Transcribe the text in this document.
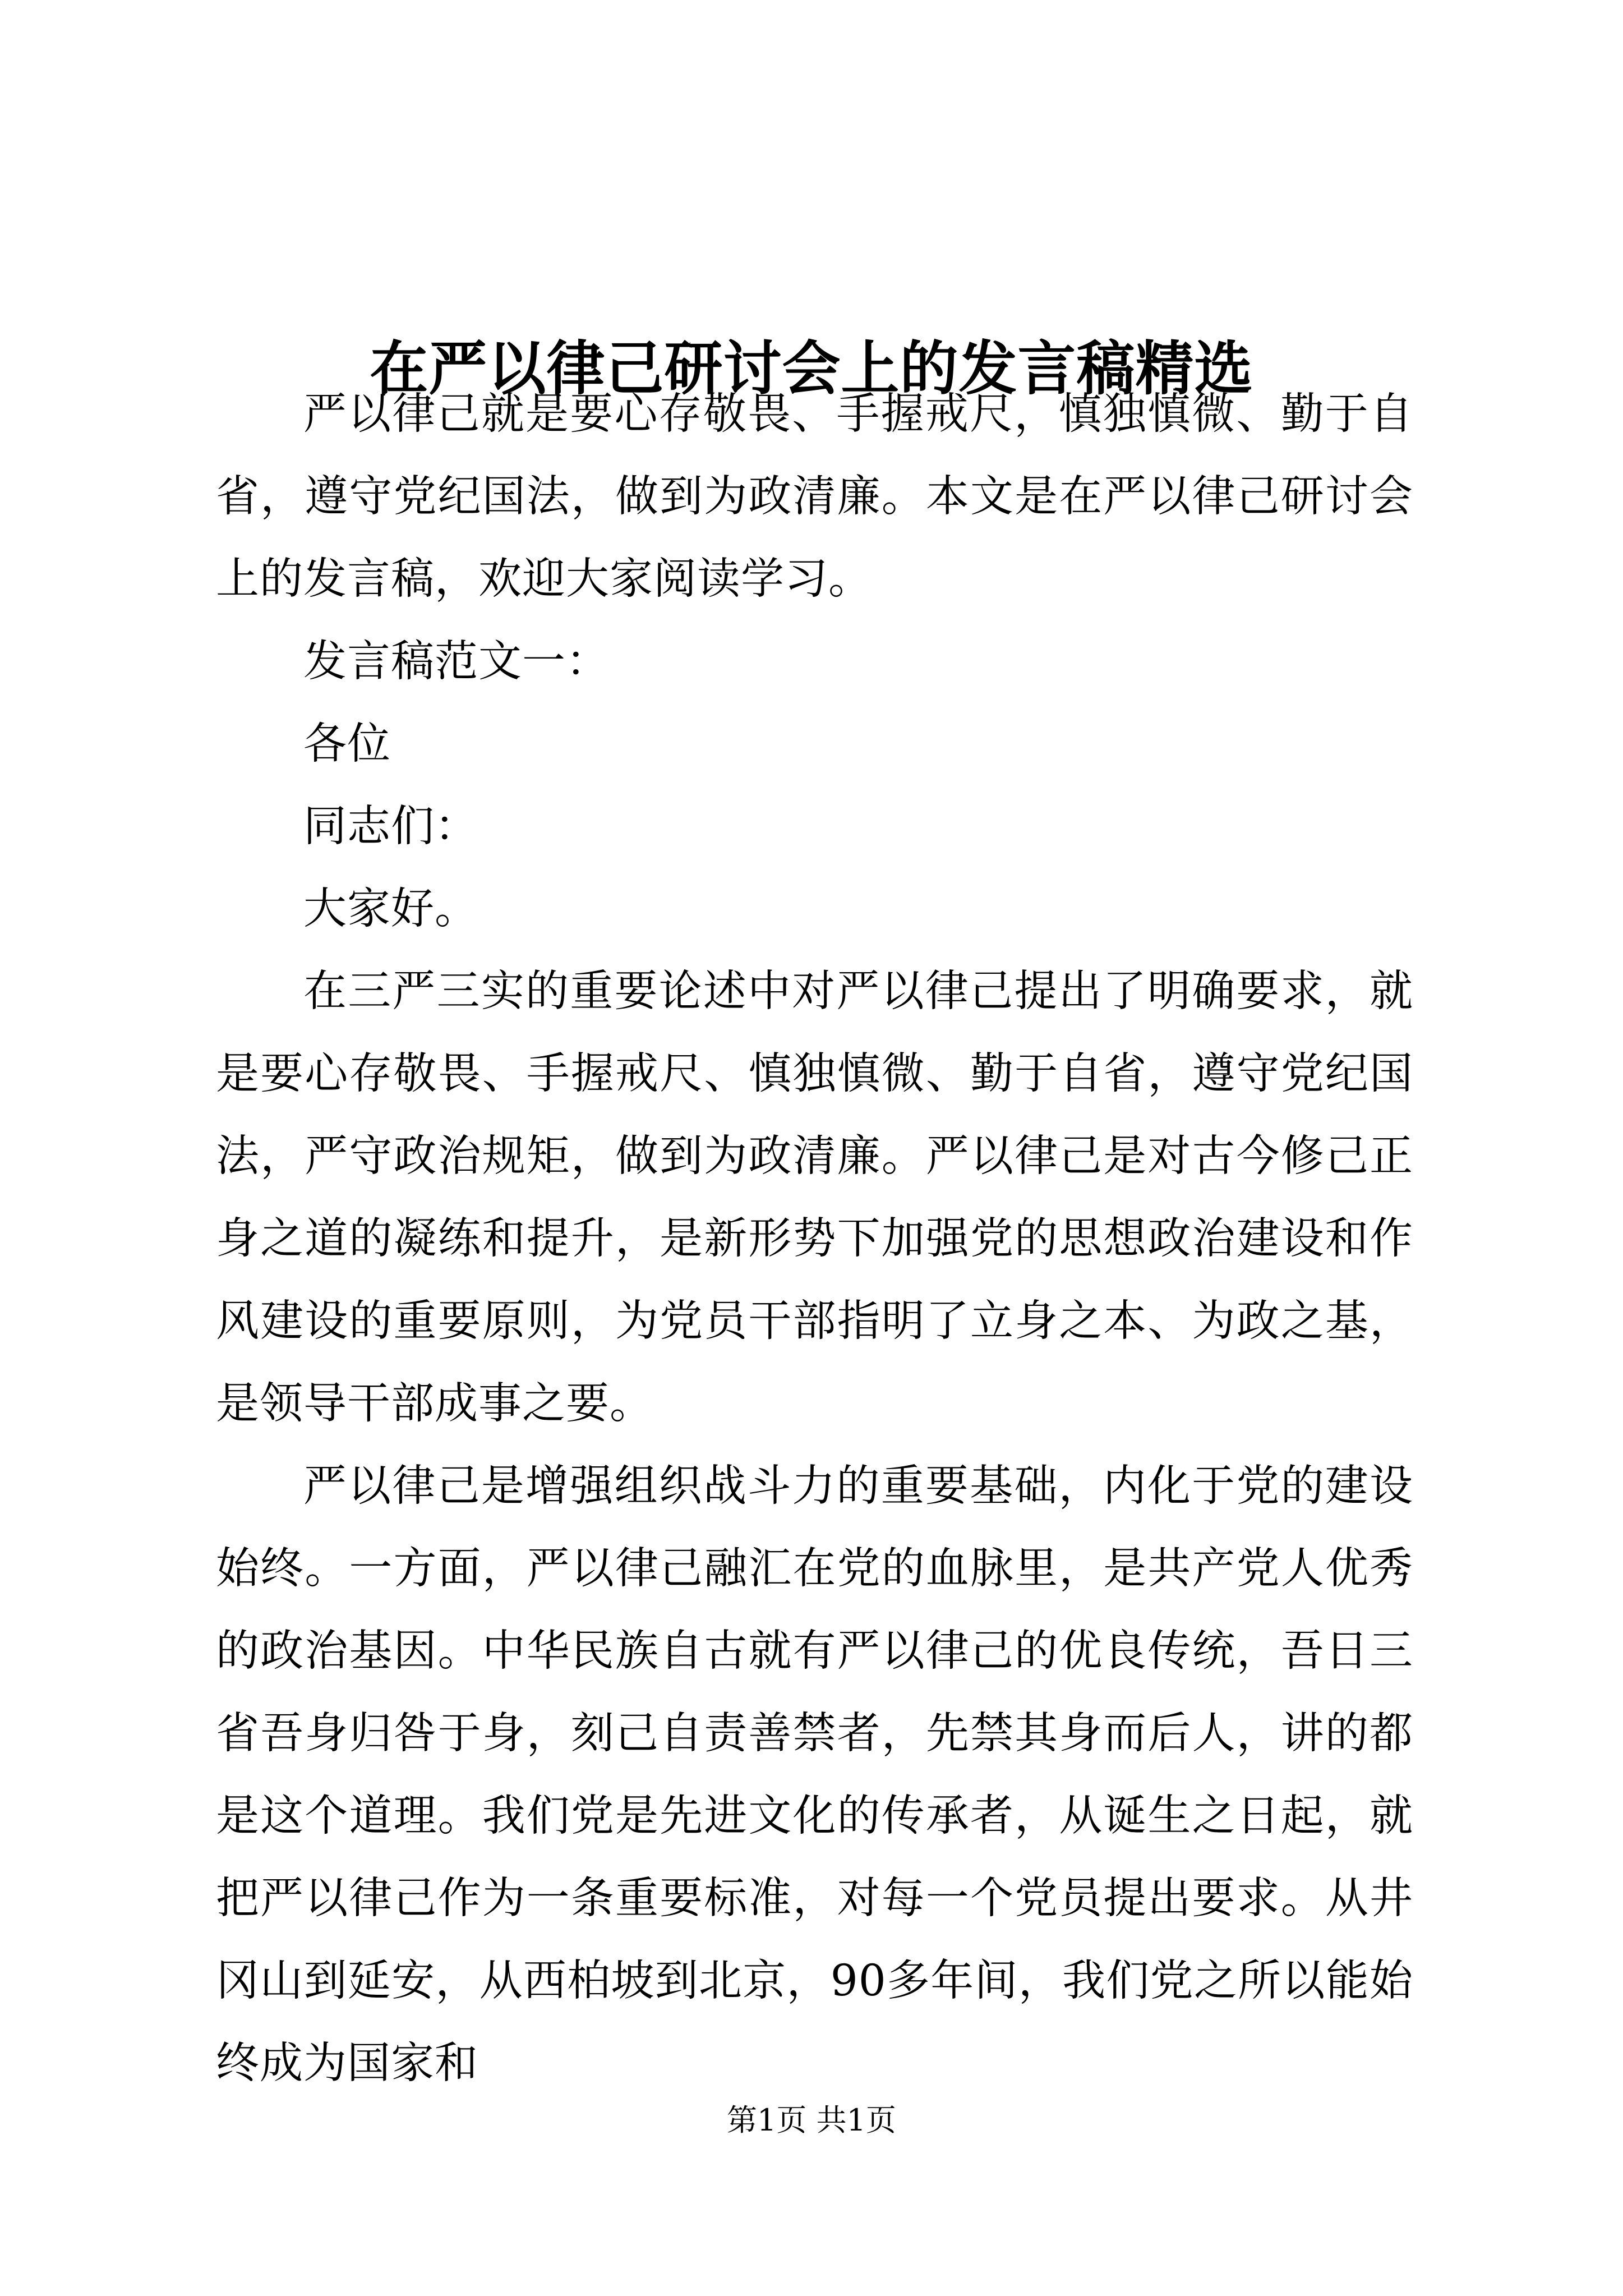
在严以律己研讨会上的发言稿精选

严以律己就是要心存敬畏、手握戒尺，慎独慎微、勤于自省，遵守党纪国法，做到为政清廉。本文是在严以律己研讨会上的发言稿，欢迎大家阅读学习。

发言稿范文一：

各位

同志们：

大家好。

在三严三实的重要论述中对严以律己提出了明确要求，就是要心存敬畏、手握戒尺、慎独慎微、勤于自省，遵守党纪国法，严守政治规矩，做到为政清廉。严以律己是对古今修己正身之道的凝练和提升，是新形势下加强党的思想政治建设和作风建设的重要原则，为党员干部指明了立身之本、为政之基，是领导干部成事之要。

严以律己是增强组织战斗力的重要基础，内化于党的建设始终。一方面，严以律己融汇在党的血脉里，是共产党人优秀的政治基因。中华民族自古就有严以律己的优良传统，吾日三省吾身归咎于身，刻己自责善禁者，先禁其身而后人，讲的都是这个道理。我们党是先进文化的传承者，从诞生之日起，就把严以律己作为一条重要标准，对每一个党员提出要求。从井冈山到延安，从西柏坡到北京，90多年间，我们党之所以能始终成为国家和

第1页 共1页
